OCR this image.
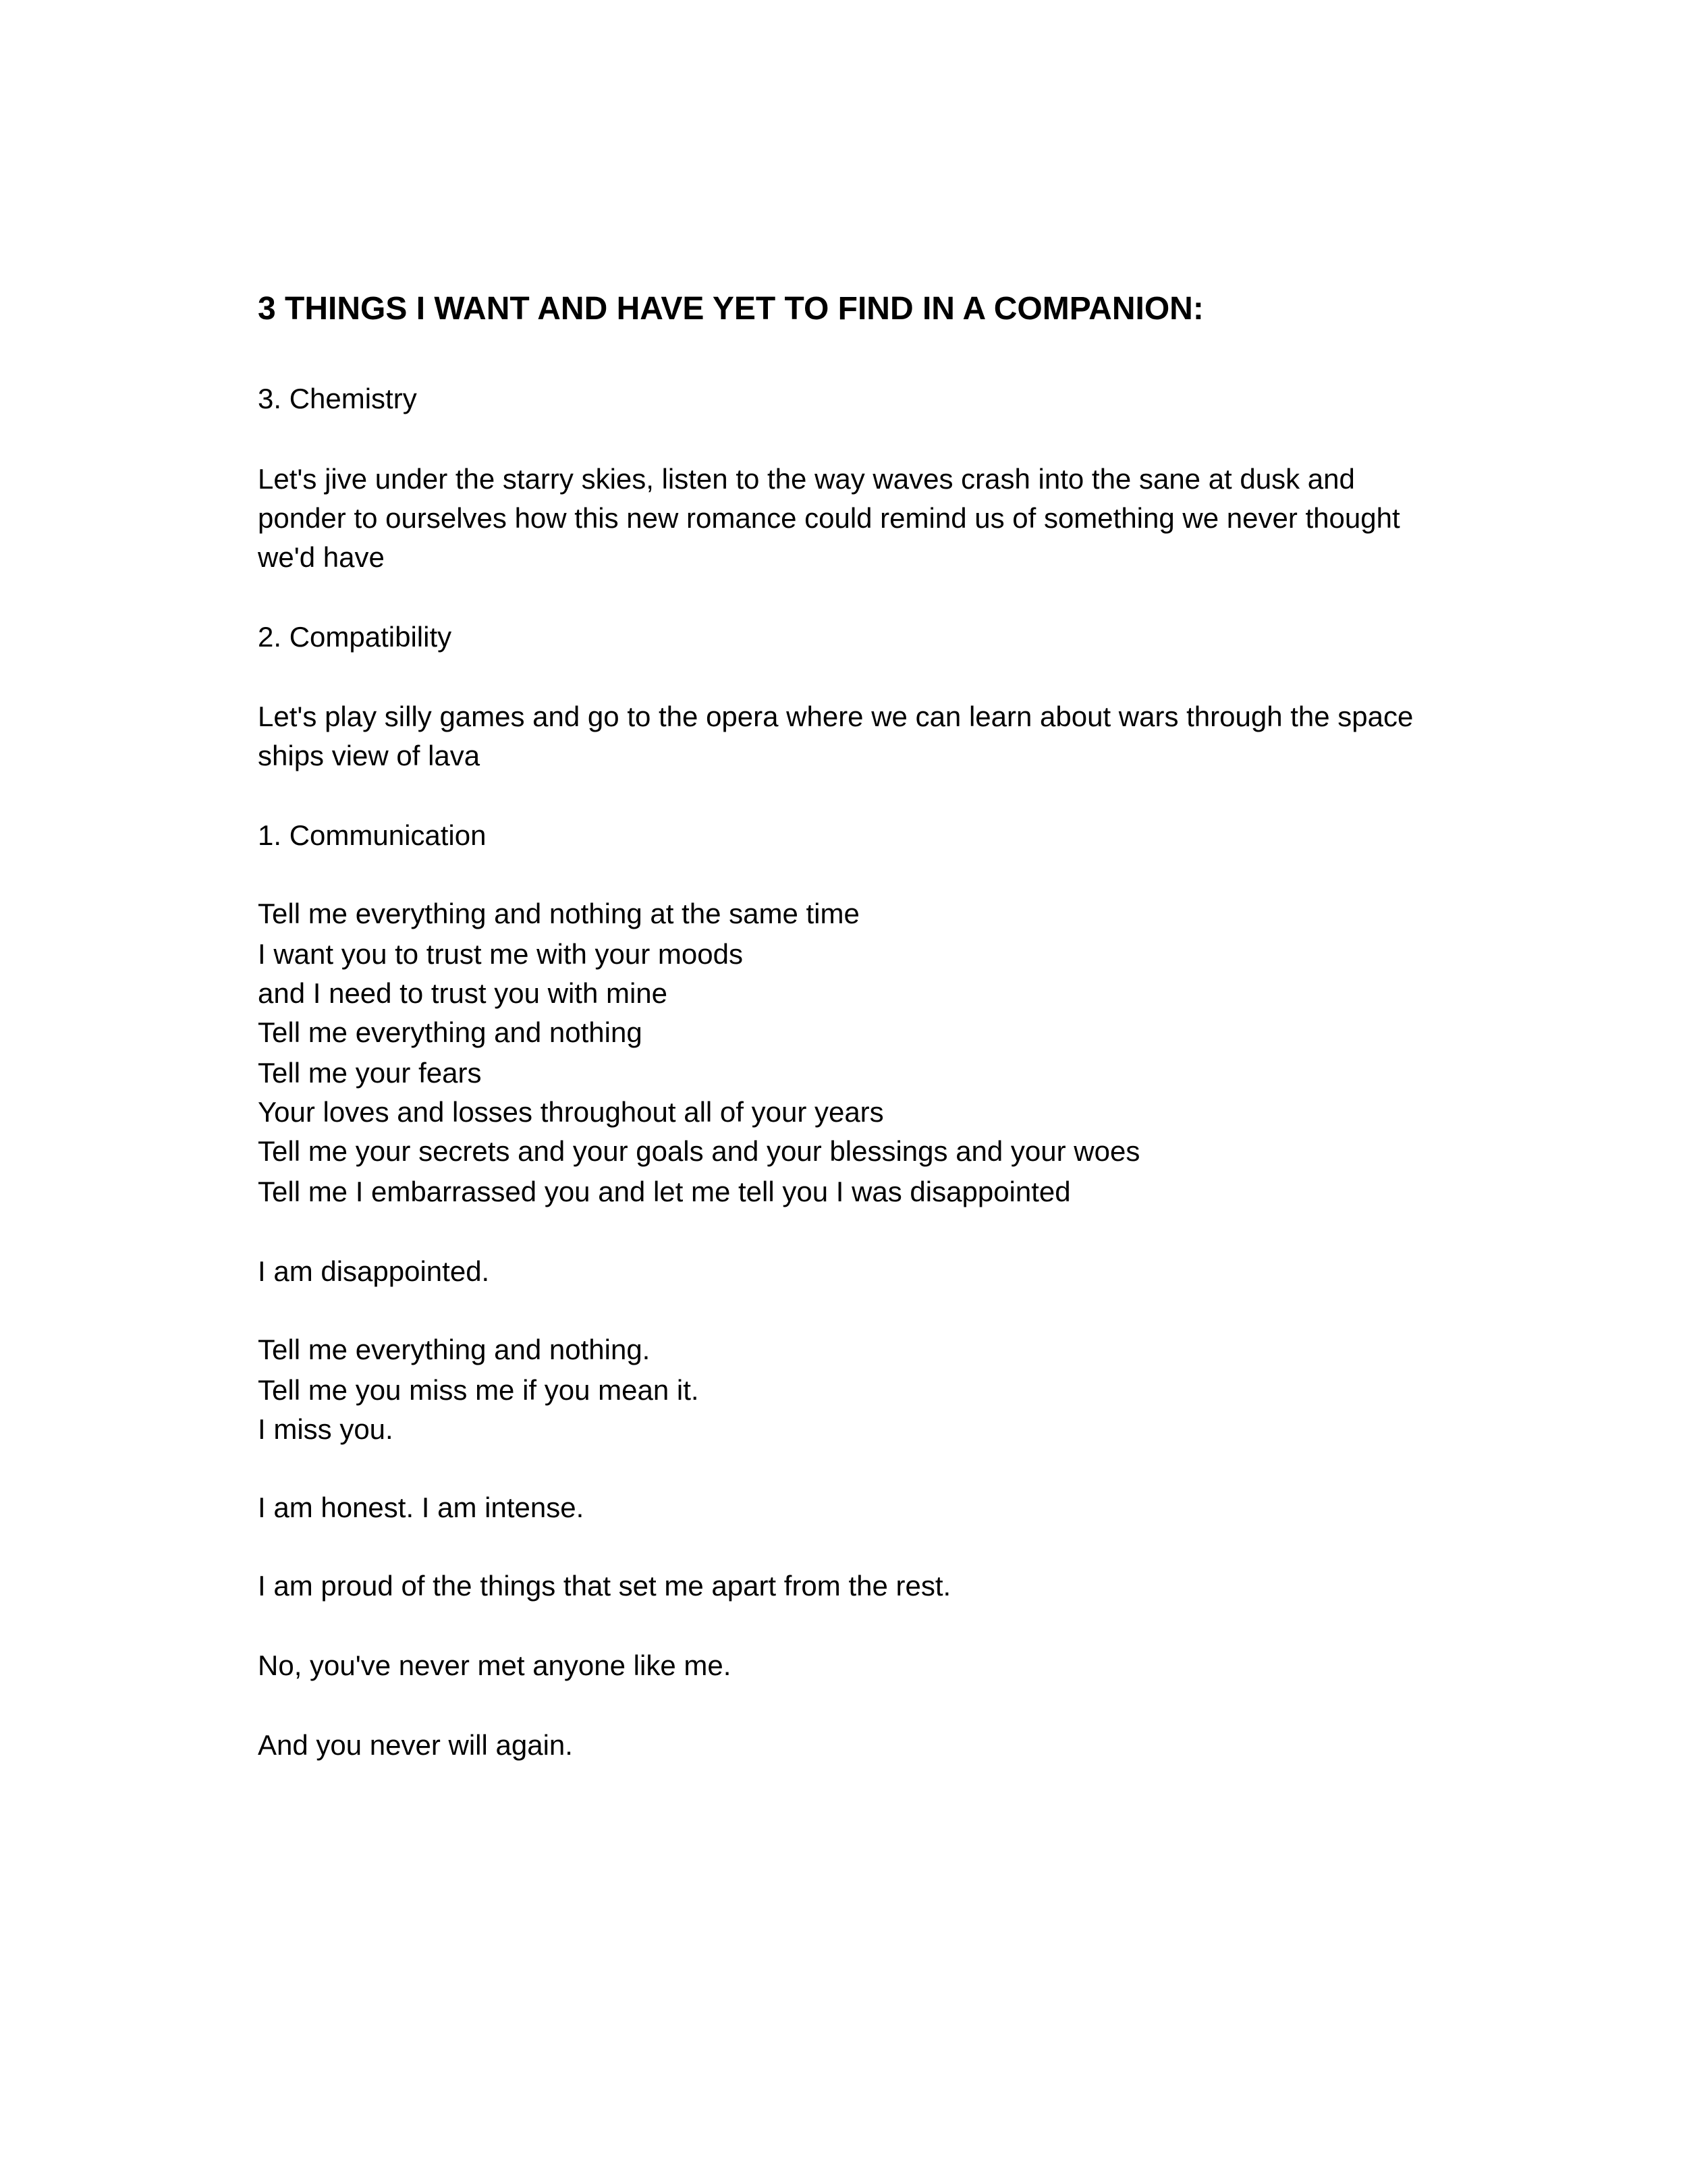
3 THINGS I WANT AND HAVE YET TO FIND IN A COMPANION:

3. Chemistry

Let's jive under the starry skies, listen to the way waves crash into the sane at dusk and

ponder to ourselves how this new romance could remind us of something we never thought

we'd have

2. Compatibility

Let's play silly games and go to the opera where we can learn about wars through the space

ships view of lava

1. Communication

Tell me everything and nothing at the same time

I want you to trust me with your moods

and I need to trust you with mine

Tell me everything and nothing

Tell me your fears

Your loves and losses throughout all of your years

Tell me your secrets and your goals and your blessings and your woes

Tell me I embarrassed you and let me tell you I was disappointed

I am disappointed.

Tell me everything and nothing.

Tell me you miss me if you mean it.

I miss you.

I am honest. I am intense.

I am proud of the things that set me apart from the rest.

No, you've never met anyone like me.

And you never will again.
